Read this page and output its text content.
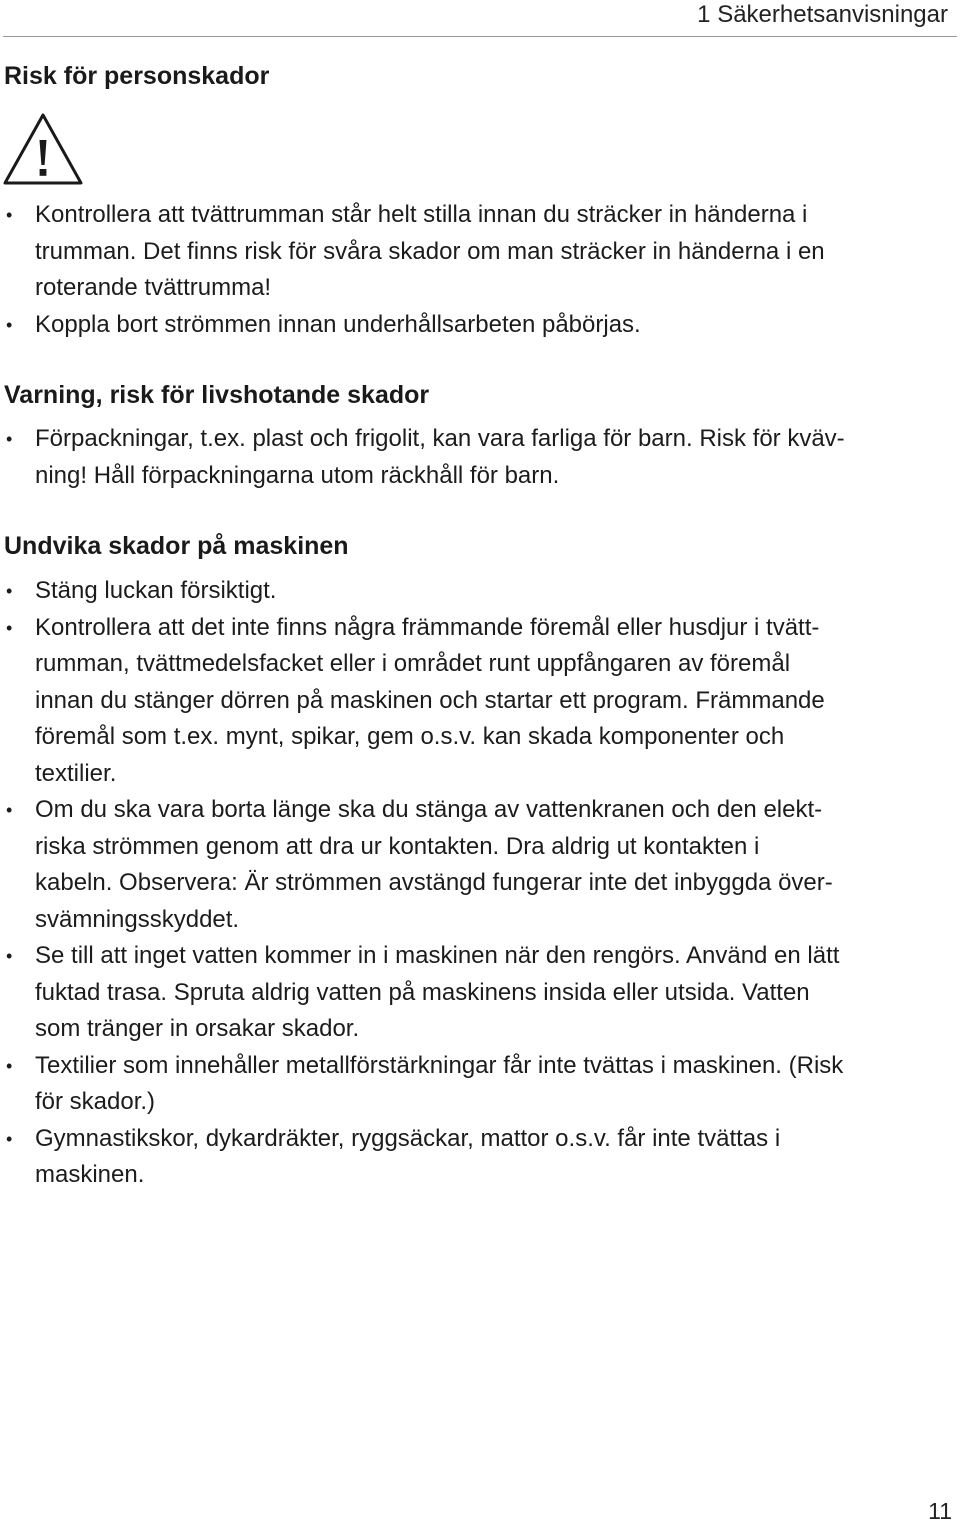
1 Säkerhetsanvisningar
Risk för personskador
• Kontrollera att tvättrumman står helt stilla innan du sträcker in händerna i
trumman. Det finns risk för svåra skador om man sträcker in händerna i en
roterande tvättrumma!
• Koppla bort strömmen innan underhållsarbeten påbörjas.
Varning, risk för livshotande skador
• Förpackningar, t.ex. plast och frigolit, kan vara farliga för barn. Risk för kväv-
ning! Håll förpackningarna utom räckhåll för barn.
Undvika skador på maskinen
• Stäng luckan försiktigt.
• Kontrollera att det inte finns några främmande föremål eller husdjur i tvätt-
rumman, tvättmedelsfacket eller i området runt uppfångaren av föremål
innan du stänger dörren på maskinen och startar ett program. Främmande
föremål som t.ex. mynt, spikar, gem o.s.v. kan skada komponenter och
textilier.
• Om du ska vara borta länge ska du stänga av vattenkranen och den elekt-
riska strömmen genom att dra ur kontakten. Dra aldrig ut kontakten i
kabeln. Observera: Är strömmen avstängd fungerar inte det inbyggda över-
svämningsskyddet.
• Se till att inget vatten kommer in i maskinen när den rengörs. Använd en lätt
fuktad trasa. Spruta aldrig vatten på maskinens insida eller utsida. Vatten
som tränger in orsakar skador.
• Textilier som innehåller metallförstärkningar får inte tvättas i maskinen. (Risk
för skador.)
• Gymnastikskor, dykardräkter, ryggsäckar, mattor o.s.v. får inte tvättas i
maskinen.
11
